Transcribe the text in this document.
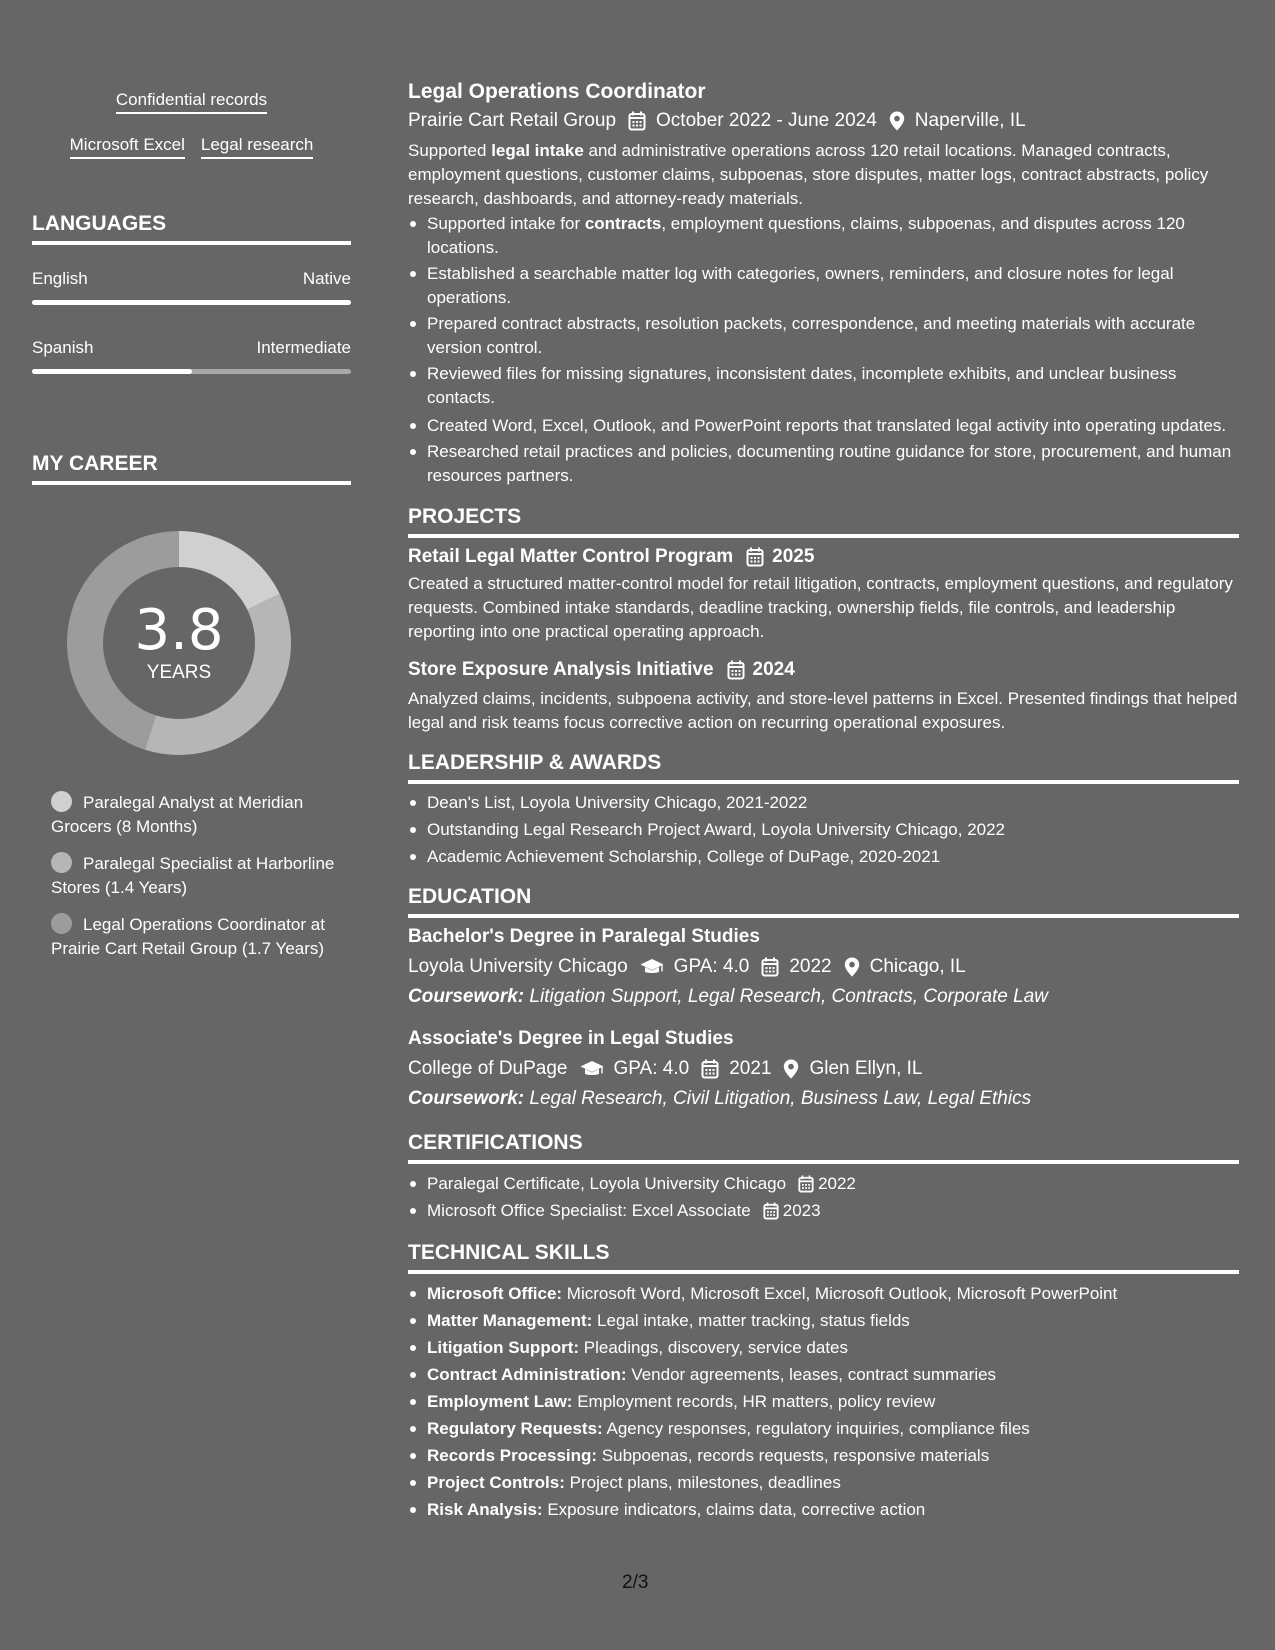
Confidential records
Microsoft Excel Legal research
LANGUAGES
English	Native
Spanish	Intermediate
MY CAREER
3.8
YEARS
Paralegal Analyst at Meridian Grocers (8 Months)
Paralegal Specialist at Harborline Stores (1.4 Years)
Legal Operations Coordinator at Prairie Cart Retail Group (1.7 Years)
Legal Operations Coordinator
Prairie Cart Retail Group October 2022 - June 2024 Naperville, IL

Supported legal intake and administrative operations across 120 retail locations. Managed contracts, employment questions, customer claims, subpoenas, store disputes, matter logs, contract abstracts, policy research, dashboards, and attorney-ready materials.

Supported intake for contracts, employment questions, claims, subpoenas, and disputes across 120 locations.
Established a searchable matter log with categories, owners, reminders, and closure notes for legal operations.
Prepared contract abstracts, resolution packets, correspondence, and meeting materials with accurate version control.
Reviewed files for missing signatures, inconsistent dates, incomplete exhibits, and unclear business contacts.
Created Word, Excel, Outlook, and PowerPoint reports that translated legal activity into operating updates.
Researched retail practices and policies, documenting routine guidance for store, procurement, and human resources partners.
PROJECTS
Retail Legal Matter Control Program 2025

Created a structured matter-control model for retail litigation, contracts, employment questions, and regulatory requests. Combined intake standards, deadline tracking, ownership fields, file controls, and leadership reporting into one practical operating approach.

Store Exposure Analysis Initiative 2024

Analyzed claims, incidents, subpoena activity, and store-level patterns in Excel. Presented findings that helped legal and risk teams focus corrective action on recurring operational exposures.

LEADERSHIP & AWARDS
Dean's List, Loyola University Chicago, 2021-2022
Outstanding Legal Research Project Award, Loyola University Chicago, 2022
Academic Achievement Scholarship, College of DuPage, 2020-2021
EDUCATION
Bachelor's Degree in Paralegal Studies
Loyola University Chicago GPA: 4.0 2022 Chicago, IL
Coursework: Litigation Support, Legal Research, Contracts, Corporate Law
Associate's Degree in Legal Studies
College of DuPage GPA: 4.0 2021 Glen Ellyn, IL
Coursework: Legal Research, Civil Litigation, Business Law, Legal Ethics
CERTIFICATIONS
Paralegal Certificate, Loyola University Chicago 2022
Microsoft Office Specialist: Excel Associate 2023
TECHNICAL SKILLS
Microsoft Office: Microsoft Word, Microsoft Excel, Microsoft Outlook, Microsoft PowerPoint
Matter Management: Legal intake, matter tracking, status fields
Litigation Support: Pleadings, discovery, service dates
Contract Administration: Vendor agreements, leases, contract summaries
Employment Law: Employment records, HR matters, policy review
Regulatory Requests: Agency responses, regulatory inquiries, compliance files
Records Processing: Subpoenas, records requests, responsive materials
Project Controls: Project plans, milestones, deadlines
Risk Analysis: Exposure indicators, claims data, corrective action
2/3
